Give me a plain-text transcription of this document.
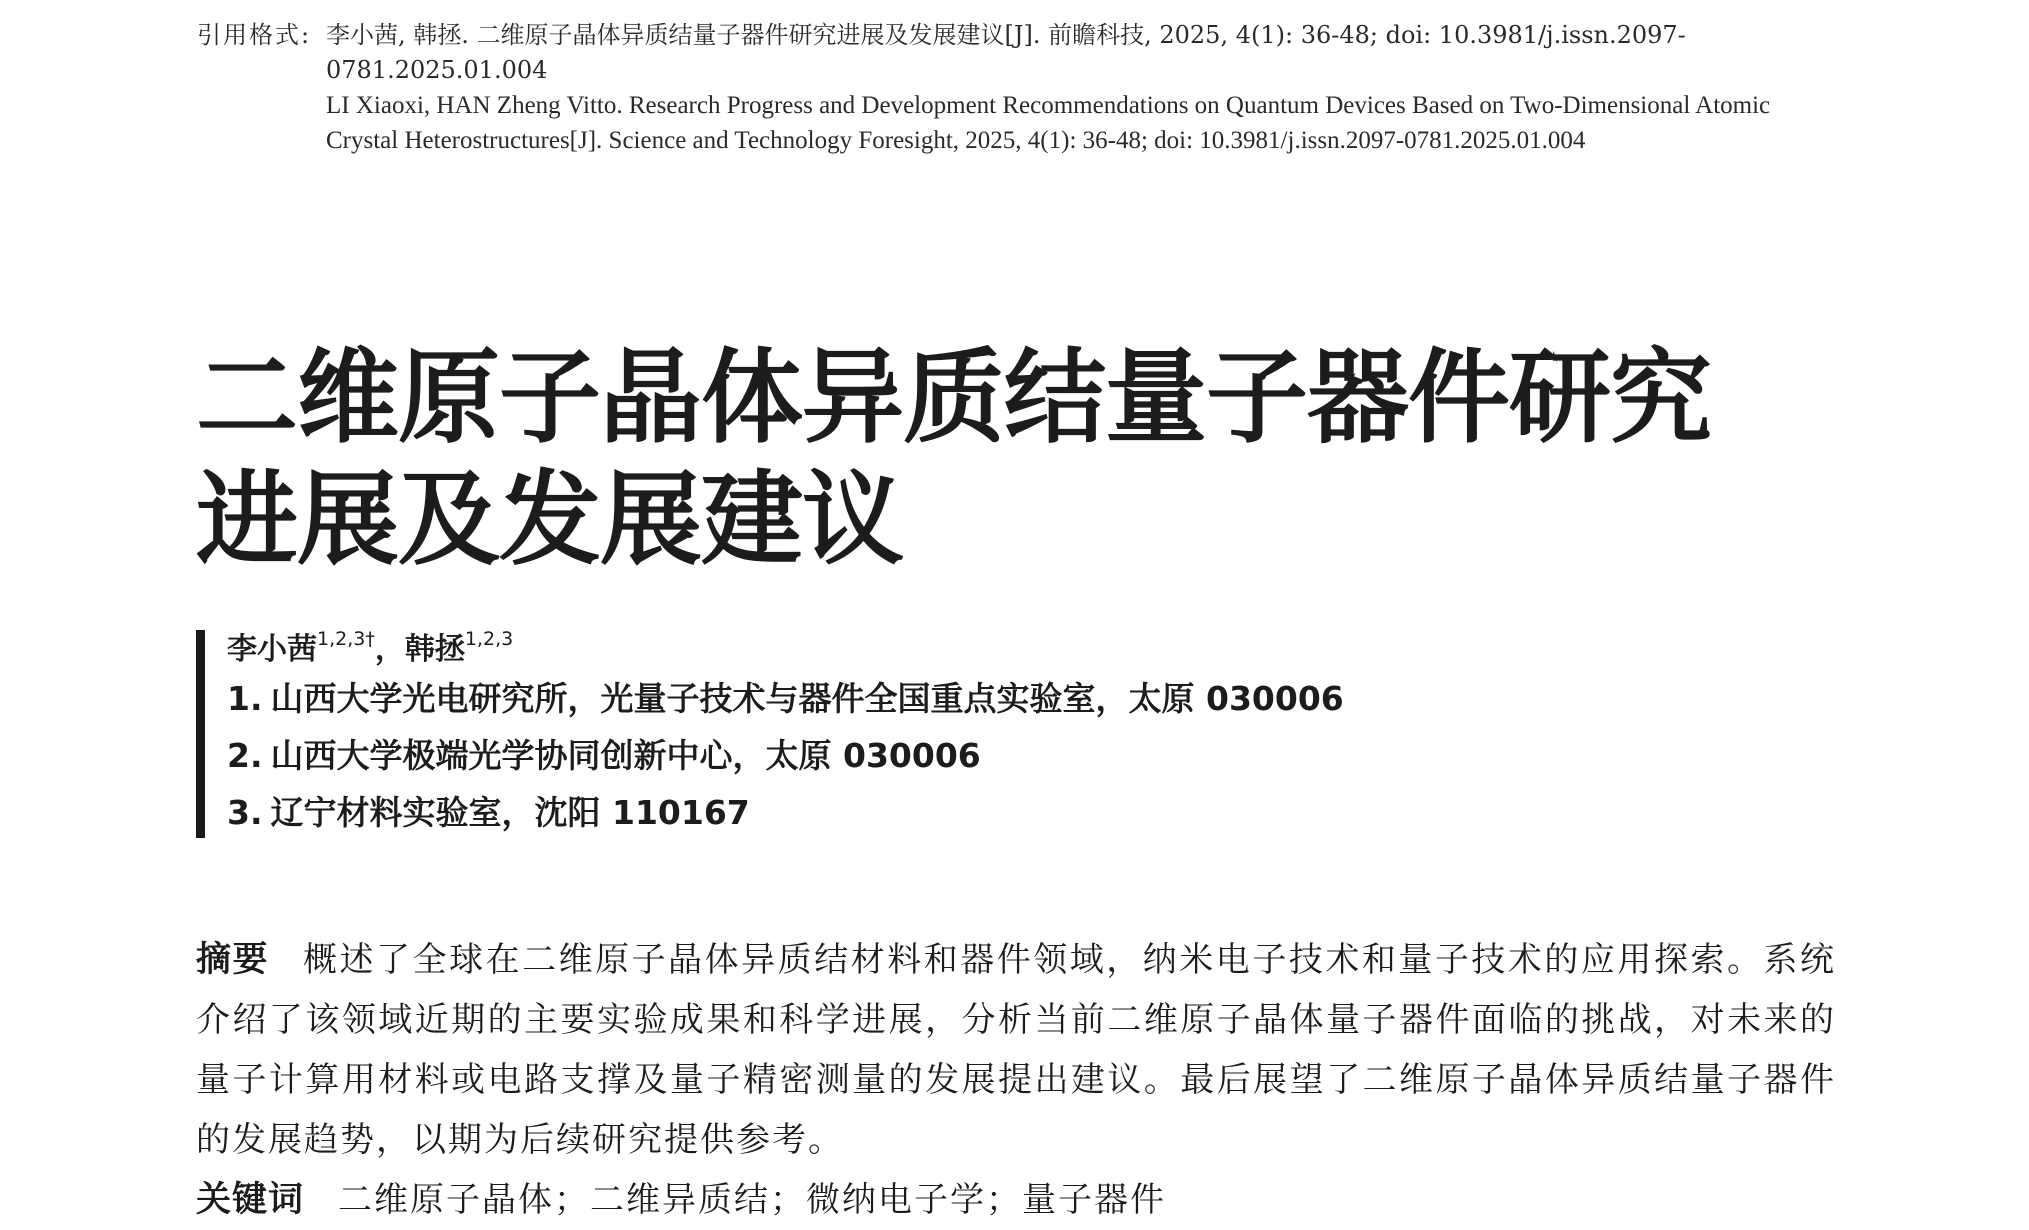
引用格式: 李小茜, 韩拯. 二维原子晶体异质结量子器件研究进展及发展建议[J]. 前瞻科技, 2025, 4(1): 36-48; doi: 10.3981/j.issn.2097-0781.2025.01.004
LI Xiaoxi, HAN Zheng Vitto. Research Progress and Development Recommendations on Quantum Devices Based on Two-Dimensional Atomic Crystal Heterostructures[J]. Science and Technology Foresight, 2025, 4(1): 36-48; doi: 10.3981/j.issn.2097-0781.2025.01.004
二维原子晶体异质结量子器件研究
进展及发展建议
李小茜$^{1,2,3\dagger}$，韩拯$^{1,2,3}$
1. 山西大学光电研究所，光量子技术与器件全国重点实验室，太原 030006
2. 山西大学极端光学协同创新中心，太原 030006
3. 辽宁材料实验室，沈阳 110167
摘要 概述了全球在二维原子晶体异质结材料和器件领域，纳米电子技术和量子技术的应用探索。系统介绍了该领域近期的主要实验成果和科学进展，分析当前二维原子晶体量子器件面临的挑战，对未来的量子计算用材料或电路支撑及量子精密测量的发展提出建议。最后展望了二维原子晶体异质结量子器件的发展趋势，以期为后续研究提供参考。
关键词 二维原子晶体；二维异质结；微纳电子学；量子器件
